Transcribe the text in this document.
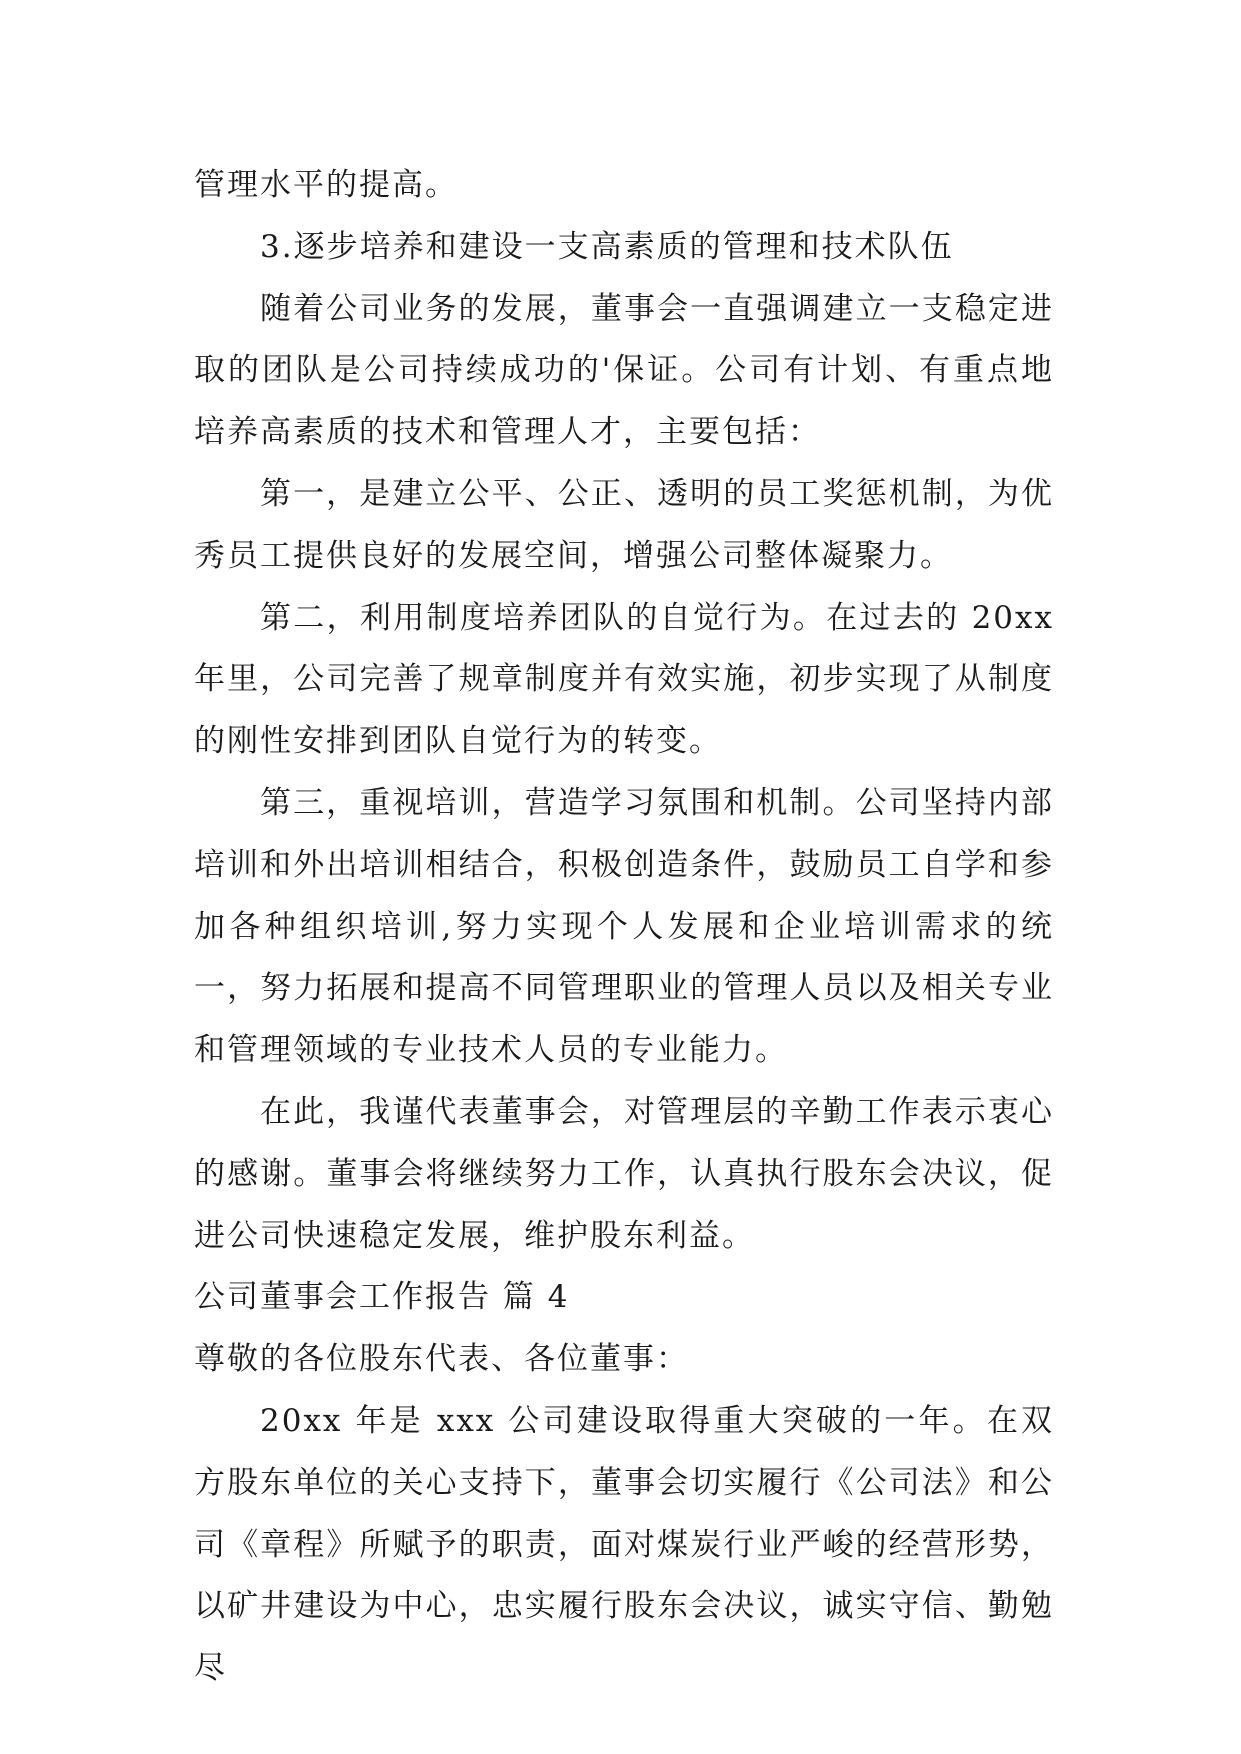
管理水平的提高。

3.逐步培养和建设一支高素质的管理和技术队伍

随着公司业务的发展，董事会一直强调建立一支稳定进取的团队是公司持续成功的'保证。公司有计划、有重点地培养高素质的技术和管理人才，主要包括：

第一，是建立公平、公正、透明的员工奖惩机制，为优秀员工提供良好的发展空间，增强公司整体凝聚力。

第二，利用制度培养团队的自觉行为。在过去的 20xx 年里，公司完善了规章制度并有效实施，初步实现了从制度的刚性安排到团队自觉行为的转变。

第三，重视培训，营造学习氛围和机制。公司坚持内部培训和外出培训相结合，积极创造条件，鼓励员工自学和参加各种组织培训,努力实现个人发展和企业培训需求的统一，努力拓展和提高不同管理职业的管理人员以及相关专业和管理领域的专业技术人员的专业能力。

在此，我谨代表董事会，对管理层的辛勤工作表示衷心的感谢。董事会将继续努力工作，认真执行股东会决议，促进公司快速稳定发展，维护股东利益。

公司董事会工作报告 篇 4

尊敬的各位股东代表、各位董事：

20xx 年是 xxx 公司建设取得重大突破的一年。在双方股东单位的关心支持下，董事会切实履行《公司法》和公司《章程》所赋予的职责，面对煤炭行业严峻的经营形势，以矿井建设为中心，忠实履行股东会决议，诚实守信、勤勉尽
